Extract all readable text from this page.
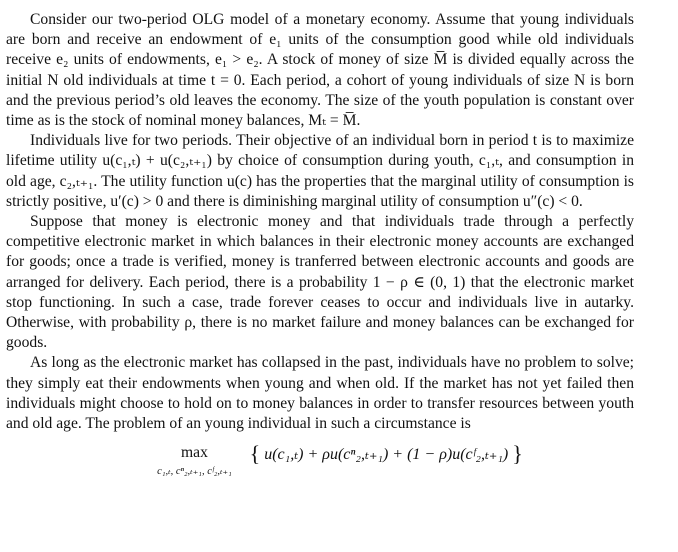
Consider our two-period OLG model of a monetary economy. Assume that young individuals are born and receive an endowment of e₁ units of the consumption good while old individuals receive e₂ units of endowments, e₁ > e₂. A stock of money of size M̅ is divided equally across the initial N old individuals at time t = 0. Each period, a cohort of young individuals of size N is born and the previous period’s old leaves the economy. The size of the youth population is constant over time as is the stock of nominal money balances, Mₜ = M̅.

Individuals live for two periods. Their objective of an individual born in period t is to maximize lifetime utility u(c₁,ₜ) + u(c₂,ₜ₊₁) by choice of consumption during youth, c₁,ₜ, and consumption in old age, c₂,ₜ₊₁. The utility function u(c) has the properties that the marginal utility of consumption is strictly positive, u′(c) > 0 and there is diminishing marginal utility of consumption u″(c) < 0.

Suppose that money is electronic money and that individuals trade through a perfectly competitive electronic market in which balances in their electronic money accounts are exchanged for goods; once a trade is verified, money is tranferred between electronic accounts and goods are arranged for delivery. Each period, there is a probability 1 − ρ ∈ (0, 1) that the electronic market stop functioning. In such a case, trade forever ceases to occur and individuals live in autarky. Otherwise, with probability ρ, there is no market failure and money balances can be exchanged for goods.

As long as the electronic market has collapsed in the past, individuals have no problem to solve; they simply eat their endowments when young and when old. If the market has not yet failed then individuals might choose to hold on to money balances in order to transfer resources between youth and old age. The problem of an young individual in such a circumstance is

max
c₁,ₜ, cⁿ₂,ₜ₊₁, cᶠ₂,ₜ₊₁
{ u(c₁,ₜ) + ρu(cⁿ₂,ₜ₊₁) + (1 − ρ)u(cᶠ₂,ₜ₊₁) }
